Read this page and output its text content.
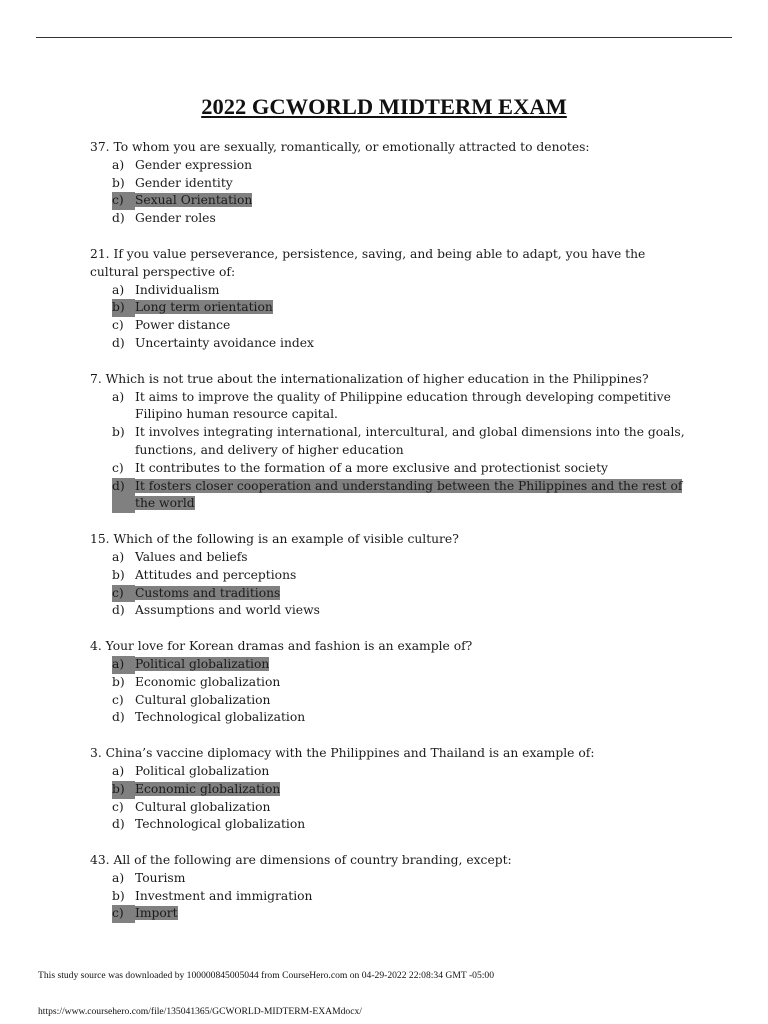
2022 GCWORLD MIDTERM EXAM

37. To whom you are sexually, romantically, or emotionally attracted to denotes:

a) Gender expression
b) Gender identity
c) Sexual Orientation
d) Gender roles

21. If you value perseverance, persistence, saving, and being able to adapt, you have the cultural perspective of:

a) Individualism
b) Long term orientation
c) Power distance
d) Uncertainty avoidance index

7. Which is not true about the internationalization of higher education in the Philippines?

a) It aims to improve the quality of Philippine education through developing competitive Filipino human resource capital.
b) It involves integrating international, intercultural, and global dimensions into the goals, functions, and delivery of higher education
c) It contributes to the formation of a more exclusive and protectionist society
d) It fosters closer cooperation and understanding between the Philippines and the rest of the world

15. Which of the following is an example of visible culture?

a) Values and beliefs
b) Attitudes and perceptions
c) Customs and traditions
d) Assumptions and world views

4. Your love for Korean dramas and fashion is an example of?

a) Political globalization
b) Economic globalization
c) Cultural globalization
d) Technological globalization

3. China’s vaccine diplomacy with the Philippines and Thailand is an example of:

a) Political globalization
b) Economic globalization
c) Cultural globalization
d) Technological globalization

43. All of the following are dimensions of country branding, except:

a) Tourism
b) Investment and immigration
c) Import
This study source was downloaded by 100000845005044 from CourseHero.com on 04-29-2022 22:08:34 GMT -05:00
https://www.coursehero.com/file/135041365/GCWORLD-MIDTERM-EXAMdocx/
